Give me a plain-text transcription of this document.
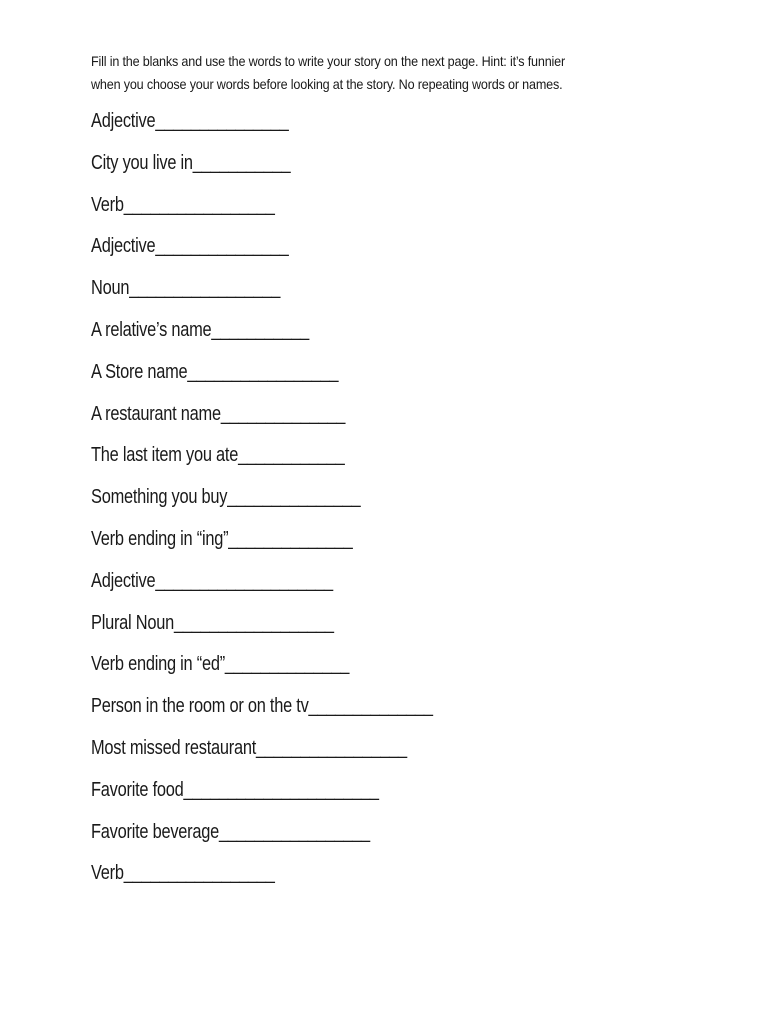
Fill in the blanks and use the words to write your story on the next page. Hint: it’s funnier
when you choose your words before looking at the story. No repeating words or names.
Adjective_______________
City you live in___________
Verb_________________
Adjective_______________
Noun_________________
A relative’s name___________
A Store name_________________
A restaurant name______________
The last item you ate____________
Something you buy_______________
Verb ending in “ing”______________
Adjective____________________
Plural Noun__________________
Verb ending in “ed”______________
Person in the room or on the tv______________
Most missed restaurant_________________
Favorite food______________________
Favorite beverage_________________
Verb_________________
